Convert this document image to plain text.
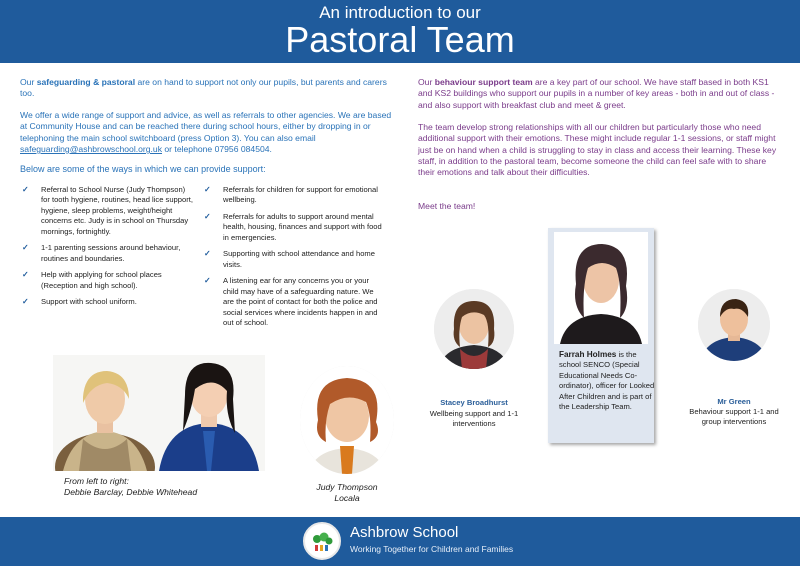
An introduction to our
Pastoral Team
Our safeguarding & pastoral are on hand to support not only our pupils, but parents and carers too.
We offer a wide range of support and advice, as well as referrals to other agencies. We are based at Community House and can be reached there during school hours, either by dropping in or telephoning the main school switchboard (press Option 3). You can also email safeguarding@ashbrowschool.org.uk or telephone 07956 084504.
Below are some of the ways in which we can provide support:
✓ Referral to School Nurse (Judy Thompson) for tooth hygiene, routines, head lice support, hygiene, sleep problems, weight/height concerns etc. Judy is in school on Thursday mornings, fortnightly.
✓ 1-1 parenting sessions around behaviour, routines and boundaries.
✓ Help with applying for school places (Reception and high school).
✓ Support with school uniform.
✓ Referrals for children for support for emotional wellbeing.
✓ Referrals for adults to support around mental health, housing, finances and support with food in emergencies.
✓ Supporting with school attendance and home visits.
✓ A listening ear for any concerns you or your child may have of a safeguarding nature. We are the point of contact for both the police and social services where incidents happen in and out of school.
From left to right:
Debbie Barclay, Debbie Whitehead
Judy Thompson
Locala
Our behaviour support team are a key part of our school. We have staff based in both KS1 and KS2 buildings who support our pupils in a number of key areas - both in and out of class - and also support with breakfast club and meet & greet.
The team develop strong relationships with all our children but particularly those who need additional support with their emotions. These might include regular 1-1 sessions, or staff might just be on hand when a child is struggling to stay in class and access their learning. These key staff, in addition to the pastoral team, become someone the child can feel safe with to share their emotions and talk about their difficulties.
Meet the team!
Stacey Broadhurst
Wellbeing support and 1-1 interventions
Farrah Holmes is the school SENCO (Special Educational Needs Co-ordinator), officer for Looked After Children and is part of the Leadership Team.
Mr Green
Behaviour support 1-1 and group interventions
Ashbrow School
Working Together for Children and Families
